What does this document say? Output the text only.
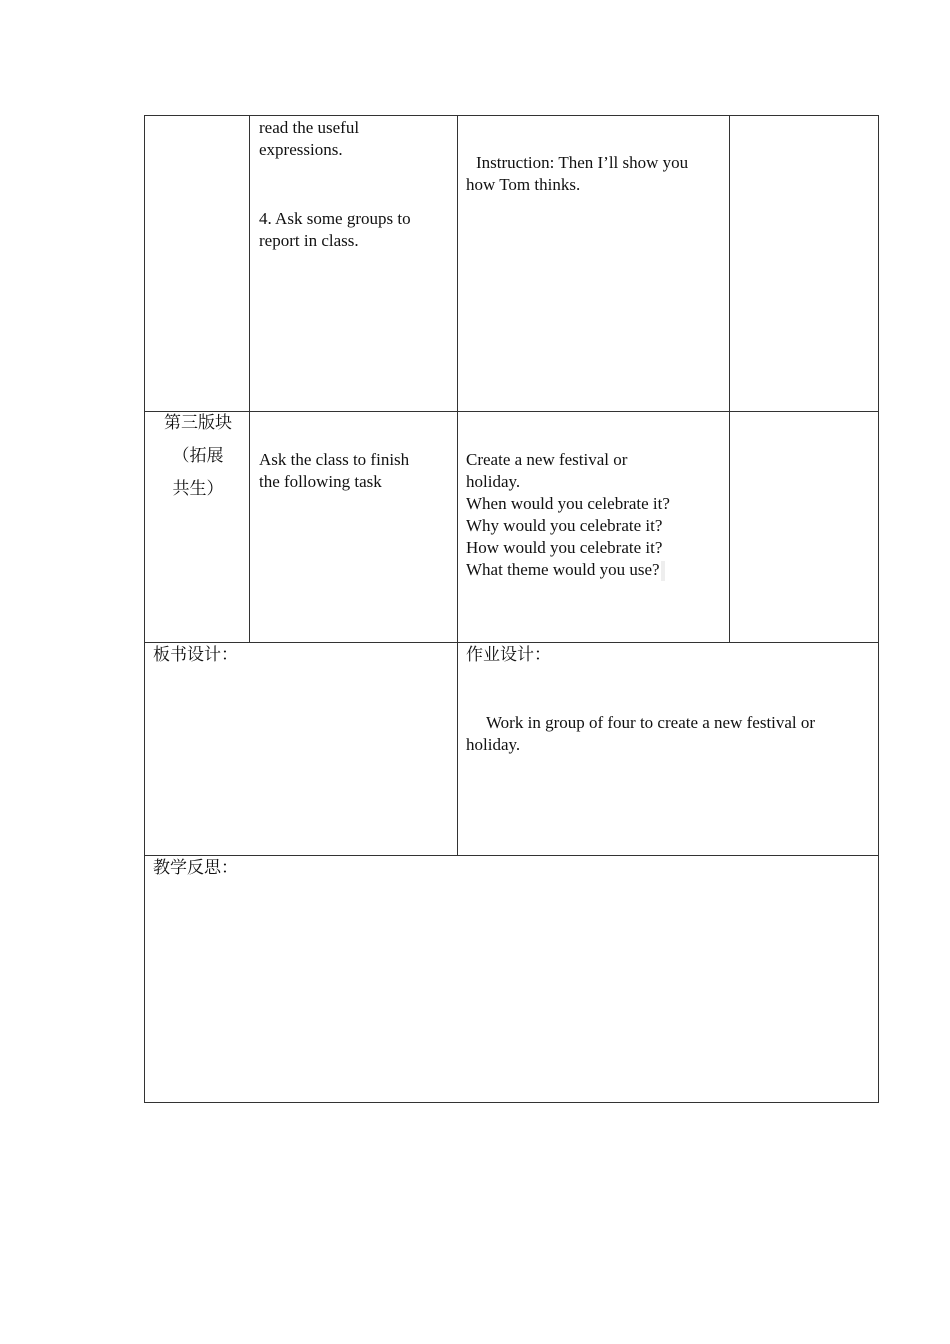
read the useful
expressions.
4. Ask some groups to
report in class.
Instruction: Then I’ll show you
how Tom thinks.
第三版块
（拓展
共生）
Ask the class to finish
the following task
Create a new festival or
holiday.
When would you celebrate it?
Why would you celebrate it?
How would you celebrate it?
What theme would you use?
板书设计：	作业设计：
Work in group of four to create a new festival or
holiday.
教学反思：
